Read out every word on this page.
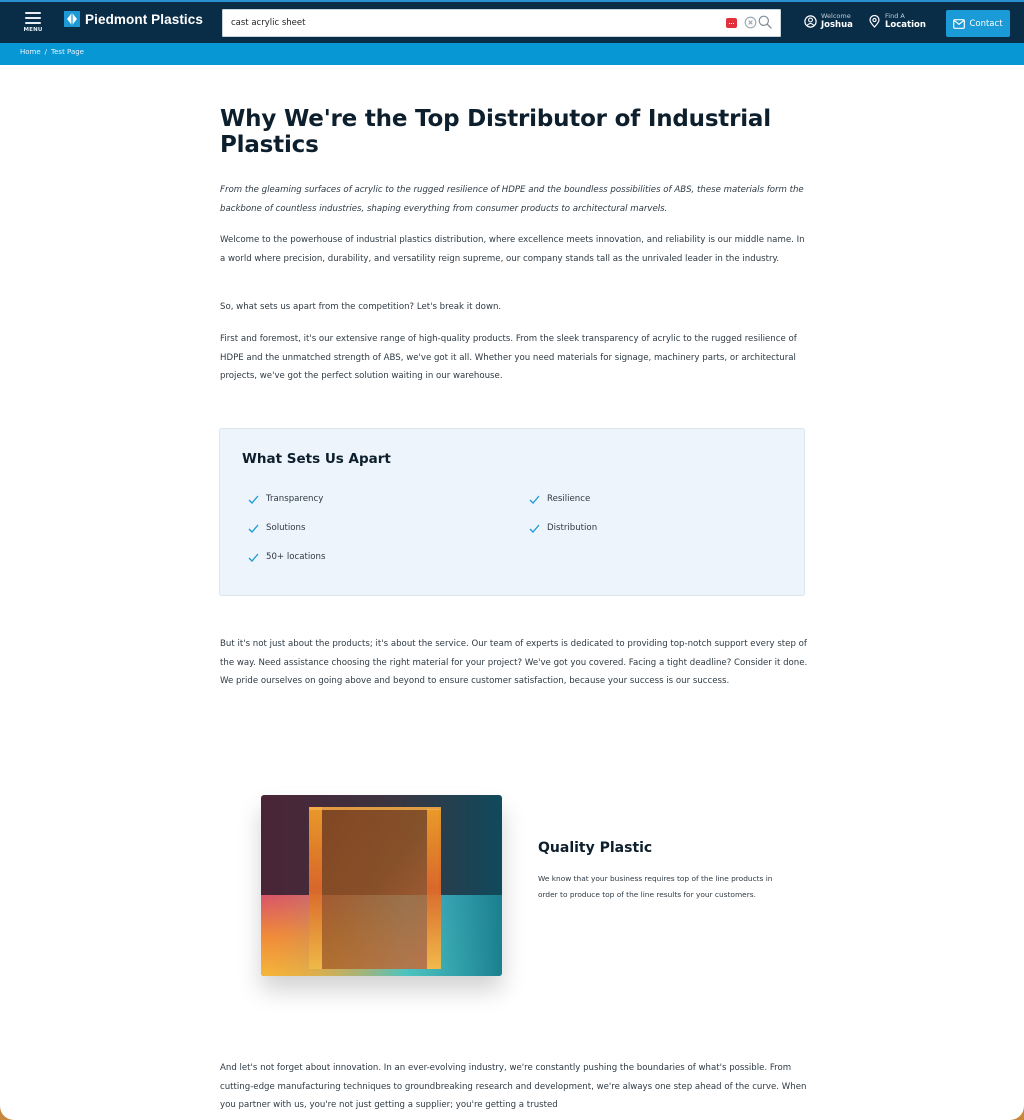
MENU
Piedmont Plastics
cast acrylic sheet	Welcome
Joshua
Find A
Location	Contact
Home / Test Page
Why We're the Top Distributor of Industrial Plastics

From the gleaming surfaces of acrylic to the rugged resilience of HDPE and the boundless possibilities of ABS, these materials form the backbone of countless industries, shaping everything from consumer products to architectural marvels.

Welcome to the powerhouse of industrial plastics distribution, where excellence meets innovation, and reliability is our middle name. In a world where precision, durability, and versatility reign supreme, our company stands tall as the unrivaled leader in the industry.

So, what sets us apart from the competition? Let's break it down.

First and foremost, it's our extensive range of high-quality products. From the sleek transparency of acrylic to the rugged resilience of HDPE and the unmatched strength of ABS, we've got it all. Whether you need materials for signage, machinery parts, or architectural projects, we've got the perfect solution waiting in our warehouse.

What Sets Us Apart
Transparency	Resilience
Solutions	Distribution
50+ locations

But it's not just about the products; it's about the service. Our team of experts is dedicated to providing top-notch support every step of the way. Need assistance choosing the right material for your project? We've got you covered. Facing a tight deadline? Consider it done. We pride ourselves on going above and beyond to ensure customer satisfaction, because your success is our success.

Quality Plastic

We know that your business requires top of the line products in order to produce top of the line results for your customers.

And let's not forget about innovation. In an ever-evolving industry, we're constantly pushing the boundaries of what's possible. From cutting-edge manufacturing techniques to groundbreaking research and development, we're always one step ahead of the curve. When you partner with us, you're not just getting a supplier; you're getting a trusted
